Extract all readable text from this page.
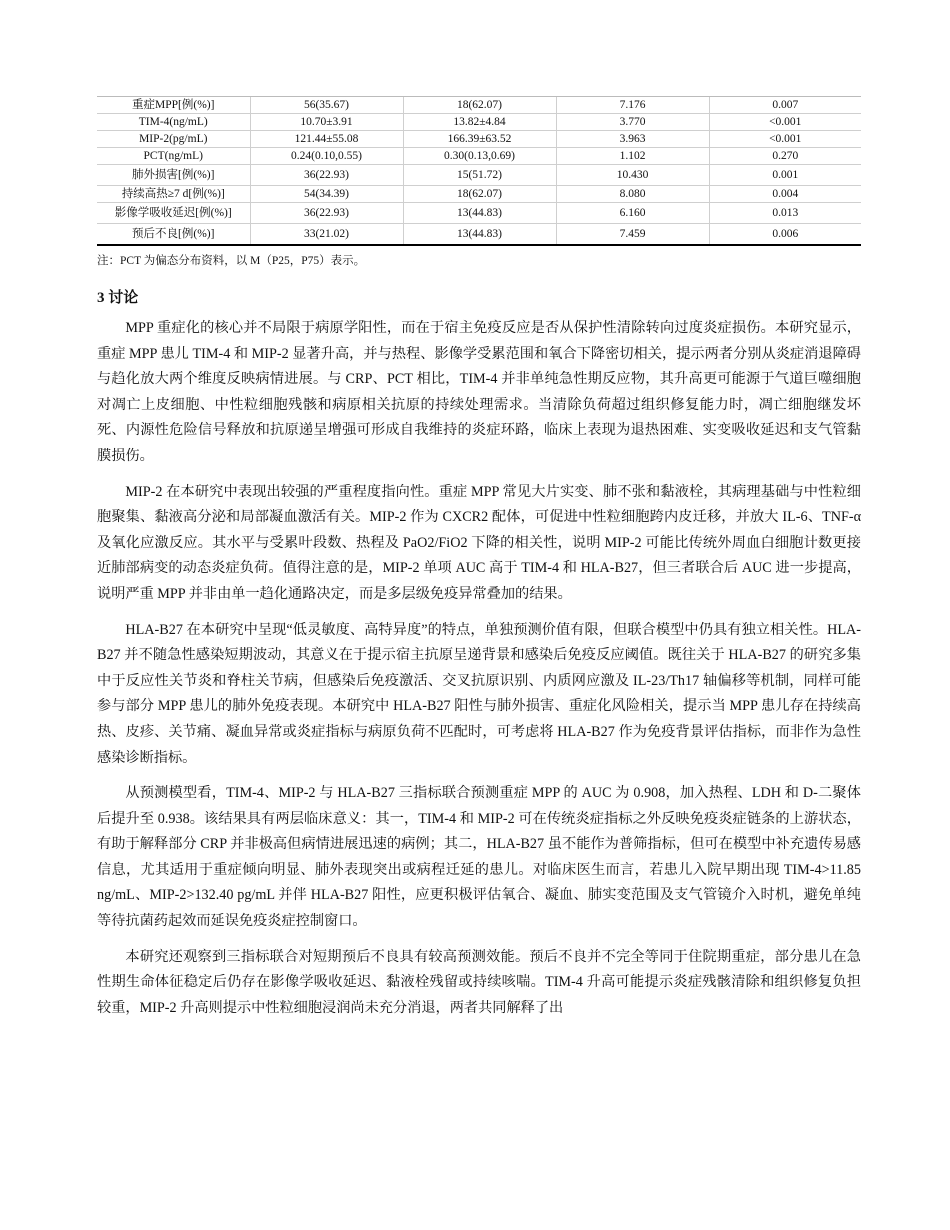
重症MPP[例(%)]	56(35.67)	18(62.07)	7.176	0.007
TIM-4(ng/mL)	10.70±3.91	13.82±4.84	3.770	<0.001
MIP-2(pg/mL)	121.44±55.08	166.39±63.52	3.963	<0.001
PCT(ng/mL)	0.24(0.10,0.55)	0.30(0.13,0.69)	1.102	0.270
肺外损害[例(%)]	36(22.93)	15(51.72)	10.430	0.001
持续高热≥7 d[例(%)]	54(34.39)	18(62.07)	8.080	0.004
影像学吸收延迟[例(%)]	36(22.93)	13(44.83)	6.160	0.013
预后不良[例(%)]	33(21.02)	13(44.83)	7.459	0.006
注：PCT 为偏态分布资料，以 M（P25，P75）表示。
3 讨论

MPP 重症化的核心并不局限于病原学阳性，而在于宿主免疫反应是否从保护性清除转向过度炎症损伤。本研究显示，重症 MPP 患儿 TIM-4 和 MIP-2 显著升高，并与热程、影像学受累范围和氧合下降密切相关，提示两者分别从炎症消退障碍与趋化放大两个维度反映病情进展。与 CRP、PCT 相比，TIM-4 并非单纯急性期反应物，其升高更可能源于气道巨噬细胞对凋亡上皮细胞、中性粒细胞残骸和病原相关抗原的持续处理需求。当清除负荷超过组织修复能力时，凋亡细胞继发坏死、内源性危险信号释放和抗原递呈增强可形成自我维持的炎症环路，临床上表现为退热困难、实变吸收延迟和支气管黏膜损伤。

MIP-2 在本研究中表现出较强的严重程度指向性。重症 MPP 常见大片实变、肺不张和黏液栓，其病理基础与中性粒细胞聚集、黏液高分泌和局部凝血激活有关。MIP-2 作为 CXCR2 配体，可促进中性粒细胞跨内皮迁移，并放大 IL-6、TNF-α 及氧化应激反应。其水平与受累叶段数、热程及 PaO2/FiO2 下降的相关性，说明 MIP-2 可能比传统外周血白细胞计数更接近肺部病变的动态炎症负荷。值得注意的是，MIP-2 单项 AUC 高于 TIM-4 和 HLA-B27，但三者联合后 AUC 进一步提高，说明严重 MPP 并非由单一趋化通路决定，而是多层级免疫异常叠加的结果。

HLA-B27 在本研究中呈现“低灵敏度、高特异度”的特点，单独预测价值有限，但联合模型中仍具有独立相关性。HLA-B27 并不随急性感染短期波动，其意义在于提示宿主抗原呈递背景和感染后免疫反应阈值。既往关于 HLA-B27 的研究多集中于反应性关节炎和脊柱关节病，但感染后免疫激活、交叉抗原识别、内质网应激及 IL-23/Th17 轴偏移等机制，同样可能参与部分 MPP 患儿的肺外免疫表现。本研究中 HLA-B27 阳性与肺外损害、重症化风险相关，提示当 MPP 患儿存在持续高热、皮疹、关节痛、凝血异常或炎症指标与病原负荷不匹配时，可考虑将 HLA-B27 作为免疫背景评估指标，而非作为急性感染诊断指标。

从预测模型看，TIM-4、MIP-2 与 HLA-B27 三指标联合预测重症 MPP 的 AUC 为 0.908，加入热程、LDH 和 D-二聚体后提升至 0.938。该结果具有两层临床意义：其一，TIM-4 和 MIP-2 可在传统炎症指标之外反映免疫炎症链条的上游状态，有助于解释部分 CRP 并非极高但病情进展迅速的病例；其二，HLA-B27 虽不能作为普筛指标，但可在模型中补充遗传易感信息，尤其适用于重症倾向明显、肺外表现突出或病程迁延的患儿。对临床医生而言，若患儿入院早期出现 TIM-4>11.85 ng/mL、MIP-2>132.40 pg/mL 并伴 HLA-B27 阳性，应更积极评估氧合、凝血、肺实变范围及支气管镜介入时机，避免单纯等待抗菌药起效而延误免疫炎症控制窗口。

本研究还观察到三指标联合对短期预后不良具有较高预测效能。预后不良并不完全等同于住院期重症，部分患儿在急性期生命体征稳定后仍存在影像学吸收延迟、黏液栓残留或持续咳喘。TIM-4 升高可能提示炎症残骸清除和组织修复负担较重，MIP-2 升高则提示中性粒细胞浸润尚未充分消退，两者共同解释了出
